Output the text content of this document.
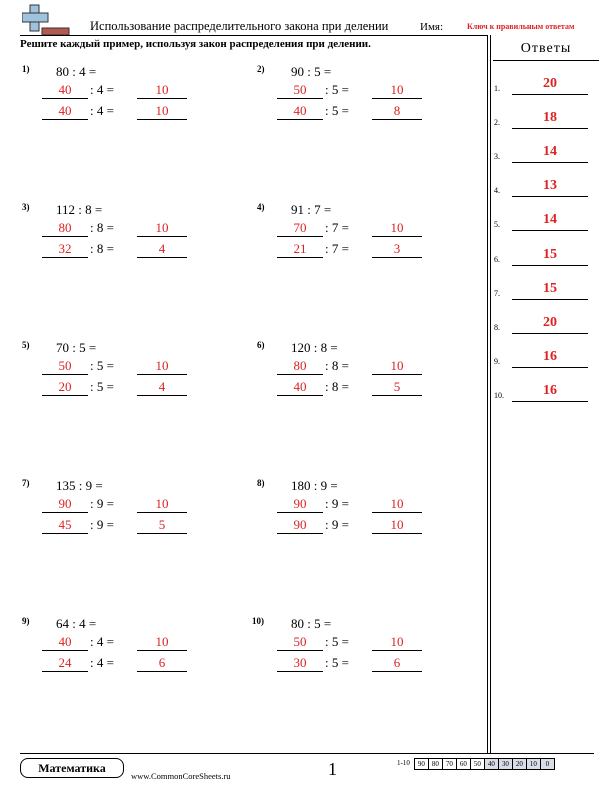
Использование распределительного закона при делении	Имя:	Ключ к правильным ответам
Решите каждый пример, используя закон распределения при делении.	Ответы
1.	20
2.	18
3.	14
4.	13
5.	14
6.	15
7.	15
8.	20
9.	16
10.	16
1) 80 : 4 =
40	: 4 =	10
40	: 4 =	10
2) 90 : 5 =
50	: 5 =	10
40	: 5 =	8
3) 112 : 8 =
80	: 8 =	10
32	: 8 =	4
4) 91 : 7 =
70	: 7 =	10
21	: 7 =	3
5) 70 : 5 =
50	: 5 =	10
20	: 5 =	4
6) 120 : 8 =
80	: 8 =	10
40	: 8 =	5
7) 135 : 9 =
90	: 9 =	10
45	: 9 =	5
8) 180 : 9 =
90	: 9 =	10
90	: 9 =	10
9) 64 : 4 =
40	: 4 =	10
24	: 4 =	6
10) 80 : 5 =
50	: 5 =	10
30	: 5 =	6
Математика
www.CommonCoreSheets.ru	1	1-10	90	80	70	60	50	40	30	20	10	0
